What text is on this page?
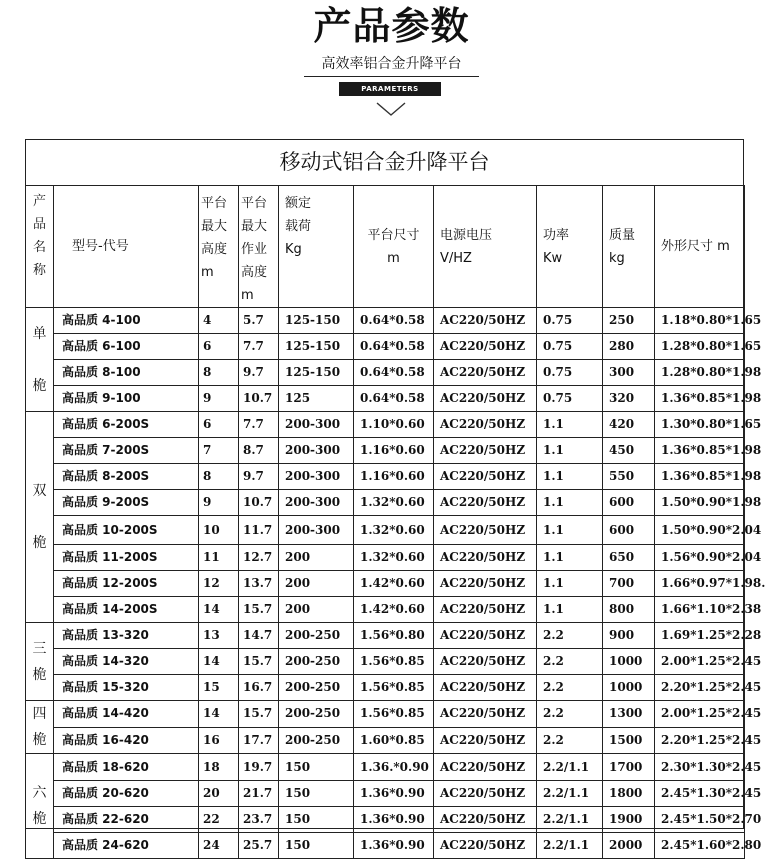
产品参数
高效率铝合金升降平台
PARAMETERS
移动式铝合金升降平台
产
品
名
称	型号-代号	平台
最大
高度
m	平台
最大
作业
高度
m	额定
载荷
Kg	平台尺寸
m	电源电压
V/HZ	功率
Kw	质量
kg	外形尺寸 m
单

桅	高品质 4-100	4	5.7	125-150	0.64*0.58	AC220/50HZ	0.75	250	1.18*0.80*1.65
	高品质 6-100	6	7.7	125-150	0.64*0.58	AC220/50HZ	0.75	280	1.28*0.80*1.65
	高品质 8-100	8	9.7	125-150	0.64*0.58	AC220/50HZ	0.75	300	1.28*0.80*1.98
	高品质 9-100	9	10.7	125	0.64*0.58	AC220/50HZ	0.75	320	1.36*0.85*1.98
双

桅	高品质 6-200S	6	7.7	200-300	1.10*0.60	AC220/50HZ	1.1	420	1.30*0.80*1.65
	高品质 7-200S	7	8.7	200-300	1.16*0.60	AC220/50HZ	1.1	450	1.36*0.85*1.98
	高品质 8-200S	8	9.7	200-300	1.16*0.60	AC220/50HZ	1.1	550	1.36*0.85*1.98
	高品质 9-200S	9	10.7	200-300	1.32*0.60	AC220/50HZ	1.1	600	1.50*0.90*1.98
	高品质 10-200S	10	11.7	200-300	1.32*0.60	AC220/50HZ	1.1	600	1.50*0.90*2.04
	高品质 11-200S	11	12.7	200	1.32*0.60	AC220/50HZ	1.1	650	1.56*0.90*2.04
	高品质 12-200S	12	13.7	200	1.42*0.60	AC220/50HZ	1.1	700	1.66*0.97*1.98.
	高品质 14-200S	14	15.7	200	1.42*0.60	AC220/50HZ	1.1	800	1.66*1.10*2.38
三
桅	高品质 13-320	13	14.7	200-250	1.56*0.80	AC220/50HZ	2.2	900	1.69*1.25*2.28
	高品质 14-320	14	15.7	200-250	1.56*0.85	AC220/50HZ	2.2	1000	2.00*1.25*2.45
	高品质 15-320	15	16.7	200-250	1.56*0.85	AC220/50HZ	2.2	1000	2.20*1.25*2.45
四
桅	高品质 14-420	14	15.7	200-250	1.56*0.85	AC220/50HZ	2.2	1300	2.00*1.25*2.45
	高品质 16-420	16	17.7	200-250	1.60*0.85	AC220/50HZ	2.2	1500	2.20*1.25*2.45
六
桅	高品质 18-620	18	19.7	150	1.36.*0.90	AC220/50HZ	2.2/1.1	1700	2.30*1.30*2.45
	高品质 20-620	20	21.7	150	1.36*0.90	AC220/50HZ	2.2/1.1	1800	2.45*1.30*2.45
	高品质 22-620	22	23.7	150	1.36*0.90	AC220/50HZ	2.2/1.1	1900	2.45*1.50*2.70
	高品质 24-620	24	25.7	150	1.36*0.90	AC220/50HZ	2.2/1.1	2000	2.45*1.60*2.80
